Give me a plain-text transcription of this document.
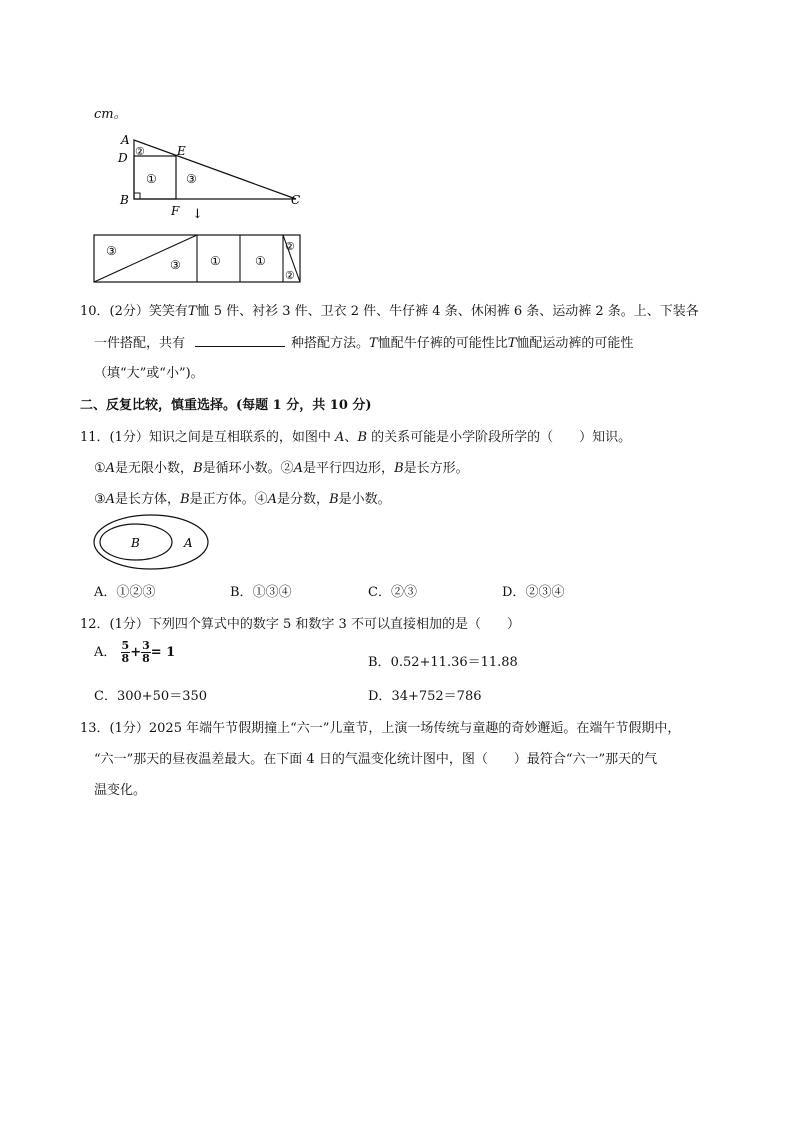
cm。
A
D	E
B
F
C
②
① ③
↓
③
③ ①	①
②
②
10．(2分）笑笑有T恤 5 件、衬衫 3 件、卫衣 2 件、牛仔裤 4 条、休闲裤 6 条、运动裤 2 条。上、下装各
一件搭配，共有	种搭配方法。T恤配牛仔裤的可能性比T恤配运动裤的可能性
（填“大”或“小”)。
二、反复比较，慎重选择。(每题 1 分，共 10 分)
11．(1分）知识之间是互相联系的，如图中 A、B 的关系可能是小学阶段所学的（ ）知识。
①A是无限小数，B是循环小数。②A是平行四边形，B是长方形。
③A是长方体，B是正方体。④A是分数，B是小数。
B	A
A．①②③	B．①③④	C．②③	D．②③④
12．(1分）下列四个算式中的数字 5 和数字 3 不可以直接相加的是（ ）
A． $\frac{5}{8} + \frac{3}{8} = 1$
B．0.52+11.36＝11.88
C．300+50＝350	D．34+752＝786
13．(1分）2025 年端午节假期撞上“六一”儿童节，上演一场传统与童趣的奇妙邂逅。在端午节假期中，
“六一”那天的昼夜温差最大。在下面 4 日的气温变化统计图中，图（ ）最符合“六一”那天的气
温变化。
